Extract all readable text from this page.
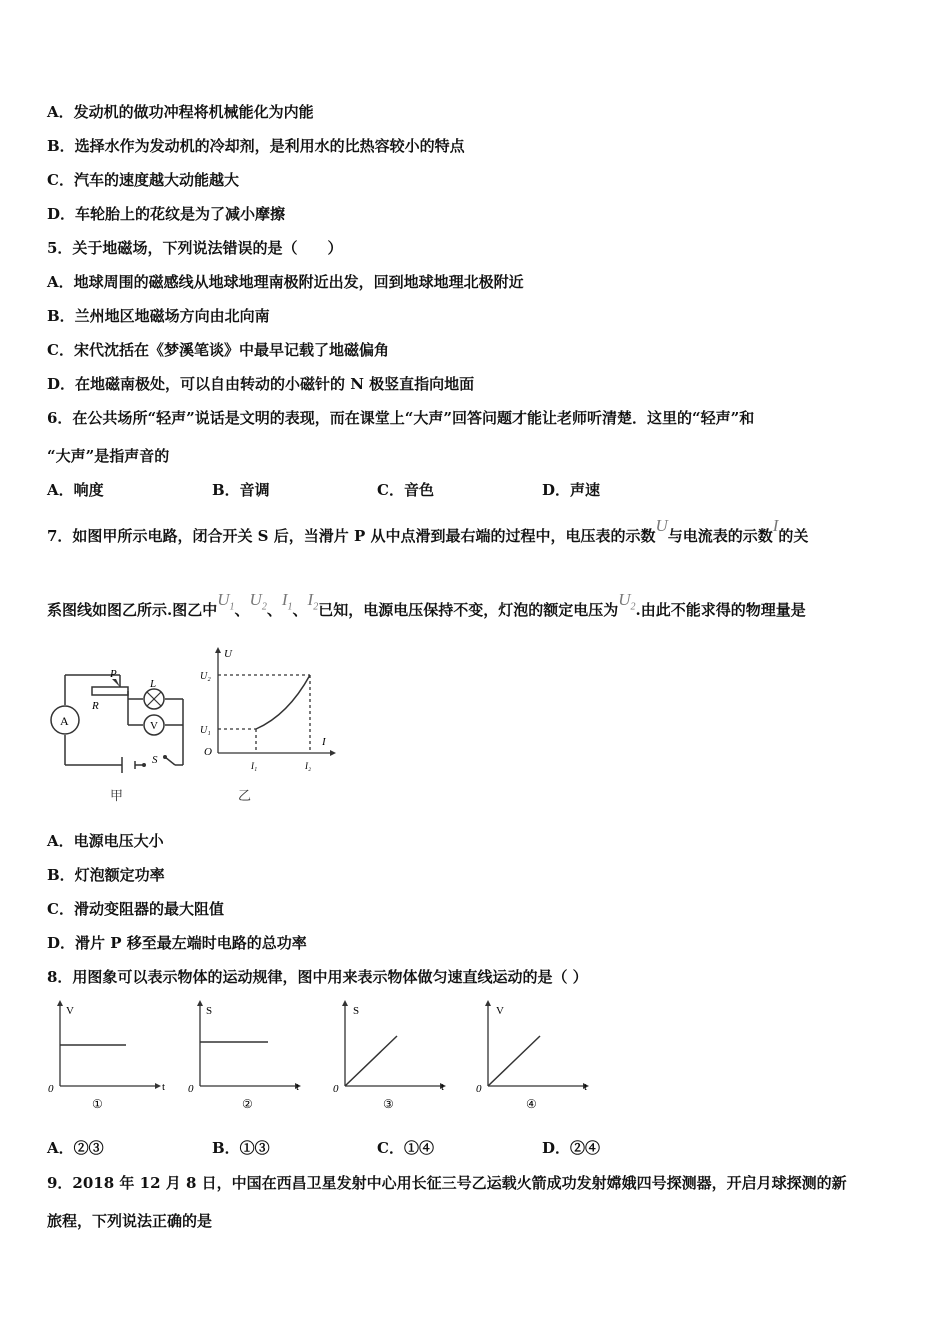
A．发动机的做功冲程将机械能化为内能
B．选择水作为发动机的冷却剂，是利用水的比热容较小的特点
C．汽车的速度越大动能越大
D．车轮胎上的花纹是为了减小摩擦
5．关于地磁场，下列说法错误的是（　　）
A．地球周围的磁感线从地球地理南极附近出发，回到地球地理北极附近
B．兰州地区地磁场方向由北向南
C．宋代沈括在《梦溪笔谈》中最早记载了地磁偏角
D．在地磁南极处，可以自由转动的小磁针的 N 极竖直指向地面
6．在公共场所“轻声”说话是文明的表现，而在课堂上“大声”回答问题才能让老师听清楚．这里的“轻声”和
“大声”是指声音的
A．响度	B．音调	C．音色	D．声速
7．如图甲所示电路，闭合开关 S 后，当滑片 P 从中点滑到最右端的过程中，电压表的示数U与电流表的示数I的关
系图线如图乙所示.图乙中$U_1$、$U_2$、$I_1$、$I_2$已知，电源电压保持不变，灯泡的额定电压为$U_2$.由此不能求得的物理量是
A	V
L
P
R
S
甲
U
I
O
U₁
U₂
I₁	I₂
乙
A．电源电压大小
B．灯泡额定功率
C．滑动变阻器的最大阻值
D．滑片 P 移至最左端时电路的总功率
8．用图象可以表示物体的运动规律，图中用来表示物体做匀速直线运动的是（ ）
V
t
0
①
S
t
0
②
S
t
0
③
V
t
0
④
A．②③	B．①③	C．①④	D．②④
9．2018 年 12 月 8 日，中国在西昌卫星发射中心用长征三号乙运载火箭成功发射嫦娥四号探测器，开启月球探测的新
旅程，下列说法正确的是
